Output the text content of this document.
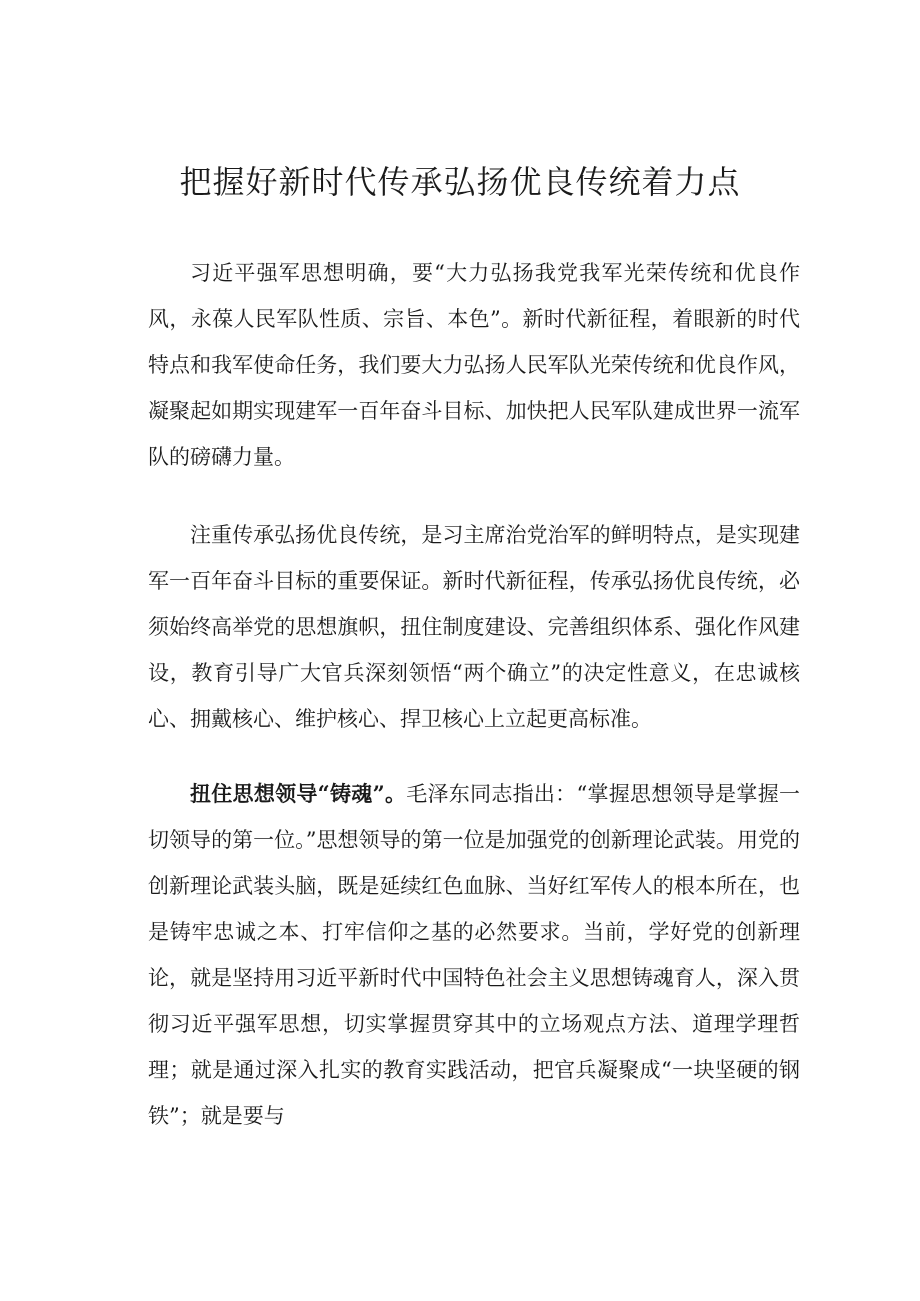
把握好新时代传承弘扬优良传统着力点

习近平强军思想明确，要“大力弘扬我党我军光荣传统和优良作风，永葆人民军队性质、宗旨、本色”。新时代新征程，着眼新的时代特点和我军使命任务，我们要大力弘扬人民军队光荣传统和优良作风，凝聚起如期实现建军一百年奋斗目标、加快把人民军队建成世界一流军队的磅礴力量。

注重传承弘扬优良传统，是习主席治党治军的鲜明特点，是实现建军一百年奋斗目标的重要保证。新时代新征程，传承弘扬优良传统，必须始终高举党的思想旗帜，扭住制度建设、完善组织体系、强化作风建设，教育引导广大官兵深刻领悟“两个确立”的决定性意义，在忠诚核心、拥戴核心、维护核心、捍卫核心上立起更高标准。

扭住思想领导“铸魂”。毛泽东同志指出：“掌握思想领导是掌握一切领导的第一位。”思想领导的第一位是加强党的创新理论武装。用党的创新理论武装头脑，既是延续红色血脉、当好红军传人的根本所在，也是铸牢忠诚之本、打牢信仰之基的必然要求。当前，学好党的创新理论，就是坚持用习近平新时代中国特色社会主义思想铸魂育人，深入贯彻习近平强军思想，切实掌握贯穿其中的立场观点方法、道理学理哲理；就是通过深入扎实的教育实践活动，把官兵凝聚成“一块坚硬的钢铁”；就是要与
